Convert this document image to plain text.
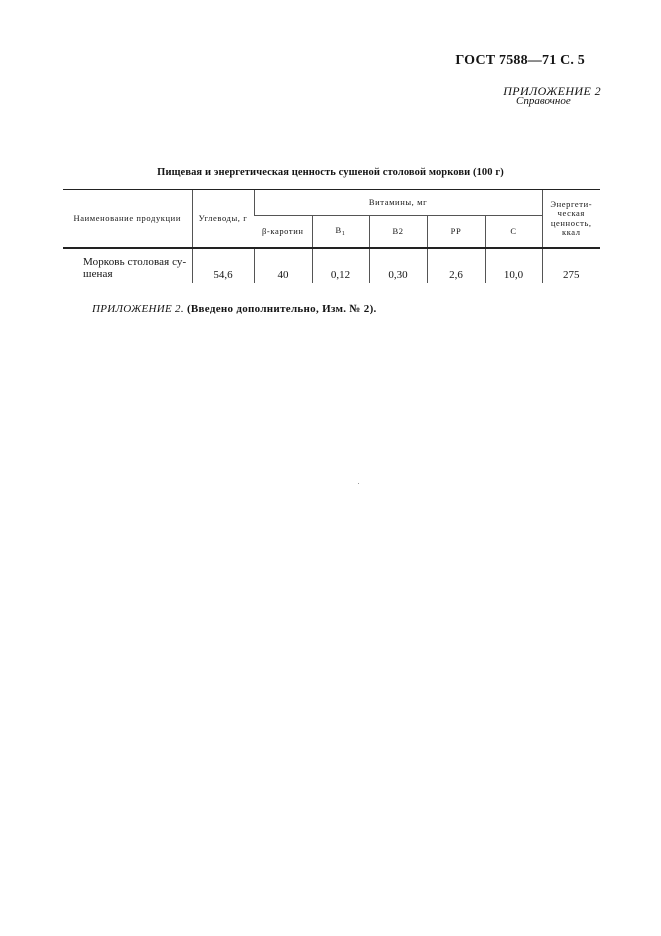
ГОСТ 7588—71 С. 5
ПРИЛОЖЕНИЕ 2
Справочное
Пищевая и энергетическая ценность сушеной столовой моркови (100 г)
Наименование продукции	Углеводы, г	Витамины, мг					Энергети-ческая ценность, ккал
		β-каротин	$B_1$	B2	PP	C	
Морковь столовая су-шеная	54,6	40	0,12	0,30	2,6	10,0	275
ПРИЛОЖЕНИЕ 2. (Введено дополнительно, Изм. № 2).
